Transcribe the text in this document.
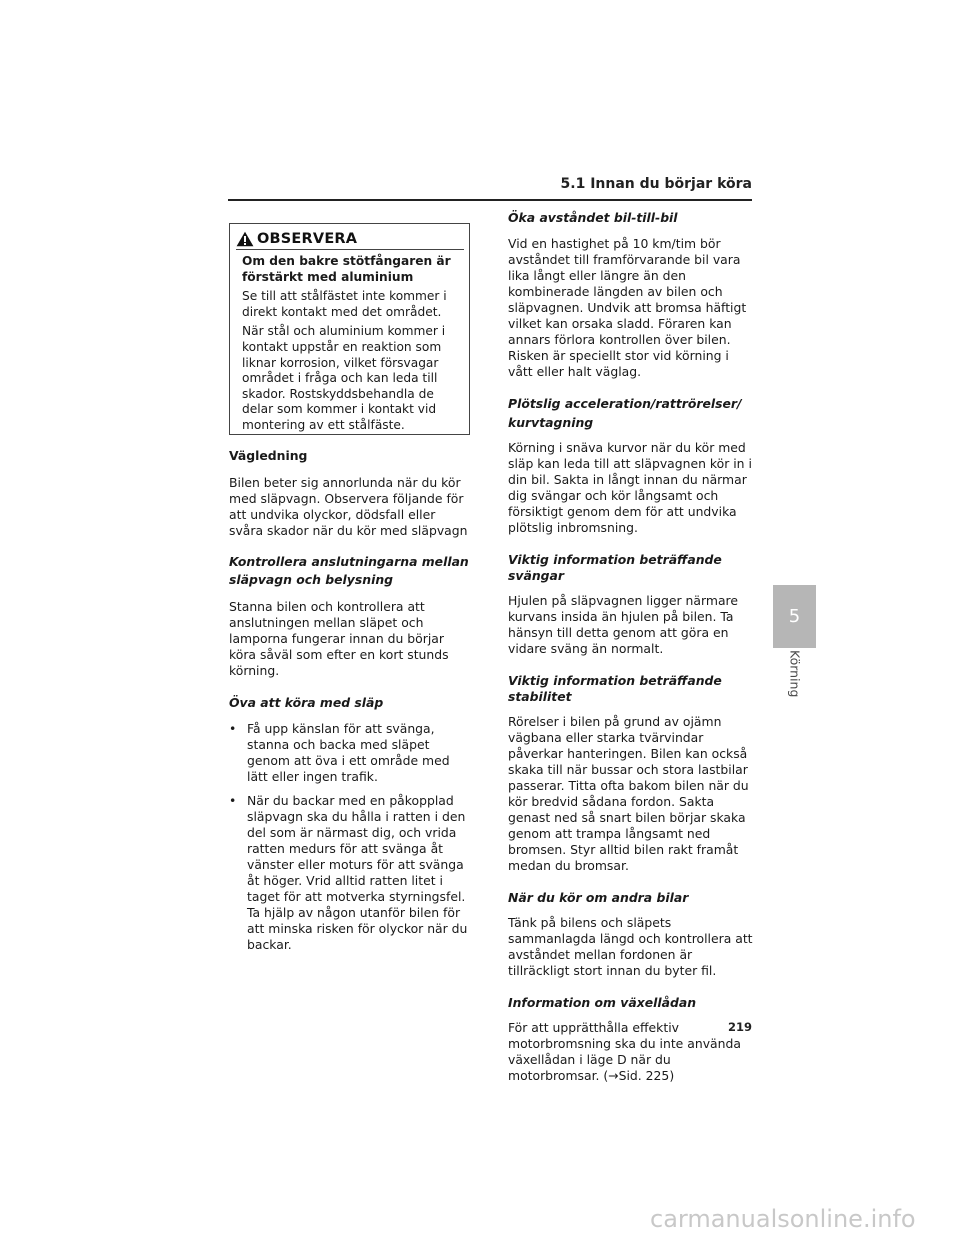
5.1 Innan du börjar köra
OBSERVERA

Om den bakre stötfångaren är förstärkt med aluminium

Se till att stålfästet inte kommer i direkt kontakt med det området.

När stål och aluminium kommer i kontakt uppstår en reaktion som liknar korrosion, vilket försvagar området i fråga och kan leda till skador. Rostskyddsbehandla de delar som kommer i kontakt vid montering av ett stålfäste.

Vägledning

Bilen beter sig annorlunda när du kör med släpvagn. Observera följande för att undvika olyckor, dödsfall eller svåra skador när du kör med släpvagn

Kontrollera anslutningarna mellan släpvagn och belysning

Stanna bilen och kontrollera att anslutningen mellan släpet och lamporna fungerar innan du börjar köra såväl som efter en kort stunds körning.

Öva att köra med släp

• Få upp känslan för att svänga, stanna och backa med släpet genom att öva i ett område med lätt eller ingen trafik.
• När du backar med en påkopplad släpvagn ska du hålla i ratten i den del som är närmast dig, och vrida ratten medurs för att svänga åt vänster eller moturs för att svänga åt höger. Vrid alltid ratten litet i taget för att motverka styrningsfel. Ta hjälp av någon utanför bilen för att minska risken för olyckor när du backar.

Öka avståndet bil-till-bil

Vid en hastighet på 10 km/tim bör avståndet till framförvarande bil vara lika långt eller längre än den kombinerade längden av bilen och släpvagnen. Undvik att bromsa häftigt vilket kan orsaka sladd. Föraren kan annars förlora kontrollen över bilen. Risken är speciellt stor vid körning i vått eller halt väglag.

Plötslig acceleration/rattrörelser/ kurvtagning

Körning i snäva kurvor när du kör med släp kan leda till att släpvagnen kör in i din bil. Sakta in långt innan du närmar dig svängar och kör långsamt och försiktigt genom dem för att undvika plötslig inbromsning.

Viktig information beträffande svängar

Hjulen på släpvagnen ligger närmare kurvans insida än hjulen på bilen. Ta hänsyn till detta genom att göra en vidare sväng än normalt.

Viktig information beträffande stabilitet

Rörelser i bilen på grund av ojämn vägbana eller starka tvärvindar påverkar hanteringen. Bilen kan också skaka till när bussar och stora lastbilar passerar. Titta ofta bakom bilen när du kör bredvid sådana fordon. Sakta genast ned så snart bilen börjar skaka genom att trampa långsamt ned bromsen. Styr alltid bilen rakt framåt medan du bromsar.

När du kör om andra bilar

Tänk på bilens och släpets sammanlagda längd och kontrollera att avståndet mellan fordonen är tillräckligt stort innan du byter fil.

Information om växellådan

För att upprätthålla effektiv motorbromsning ska du inte använda växellådan i läge D när du motorbromsar. (→Sid. 225)

5
Körning
219
carmanualsonline.info
